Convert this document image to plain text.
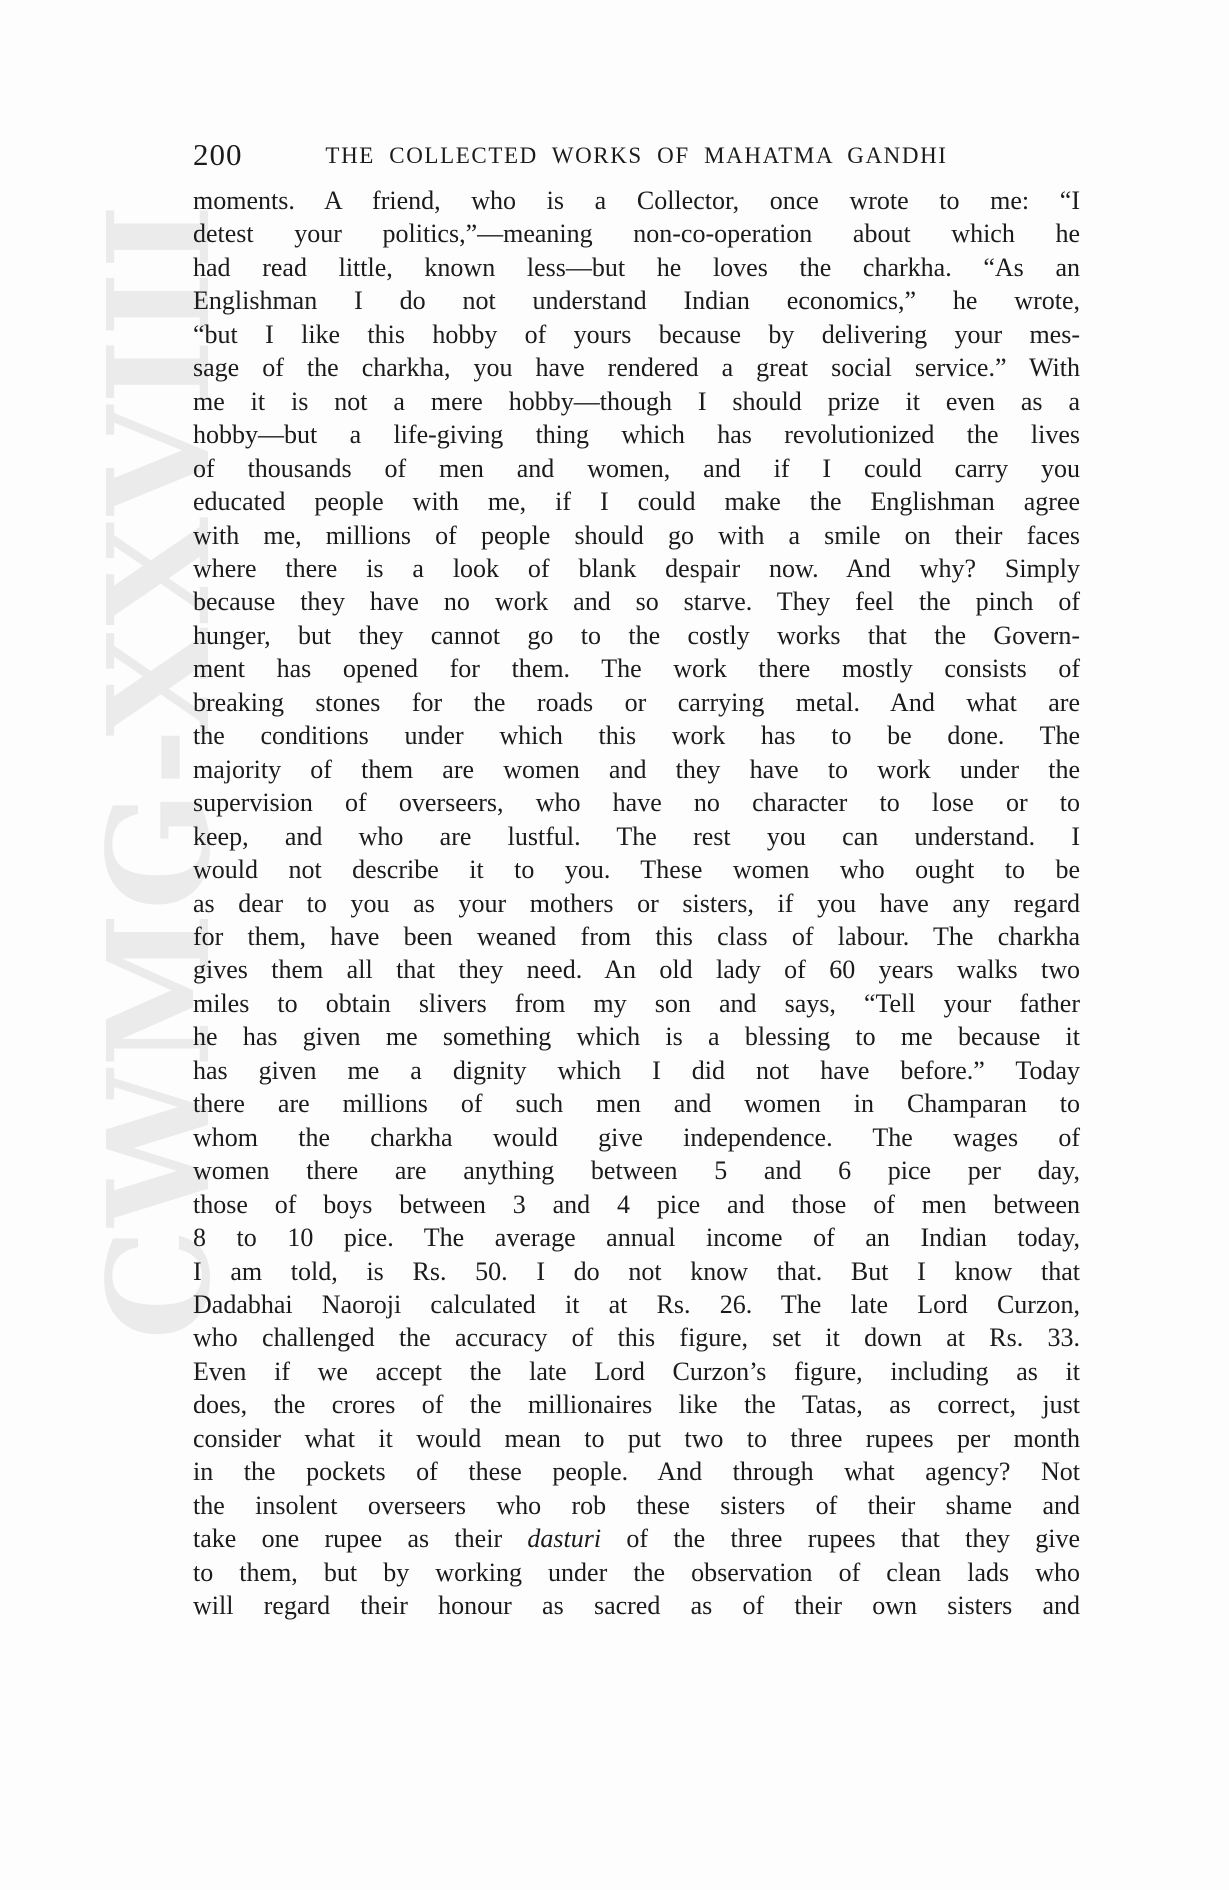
CWMG-XXVIII
200	THE COLLECTED WORKS OF MAHATMA GANDHI
moments. A friend, who is a Collector, once wrote to me: “I
detest your politics,”—meaning non-co-operation about which he
had read little, known less—but he loves the charkha. “As an
Englishman I do not understand Indian economics,” he wrote,
“but I like this hobby of yours because by delivering your mes-
sage of the charkha, you have rendered a great social service.” With
me it is not a mere hobby—though I should prize it even as a
hobby—but a life-giving thing which has revolutionized the lives
of thousands of men and women, and if I could carry you
educated people with me, if I could make the Englishman agree
with me, millions of people should go with a smile on their faces
where there is a look of blank despair now. And why? Simply
because they have no work and so starve. They feel the pinch of
hunger, but they cannot go to the costly works that the Govern-
ment has opened for them. The work there mostly consists of
breaking stones for the roads or carrying metal. And what are
the conditions under which this work has to be done. The
majority of them are women and they have to work under the
supervision of overseers, who have no character to lose or to
keep, and who are lustful. The rest you can understand. I
would not describe it to you. These women who ought to be
as dear to you as your mothers or sisters, if you have any regard
for them, have been weaned from this class of labour. The charkha
gives them all that they need. An old lady of 60 years walks two
miles to obtain slivers from my son and says, “Tell your father
he has given me something which is a blessing to me because it
has given me a dignity which I did not have before.” Today
there are millions of such men and women in Champaran to
whom the charkha would give independence. The wages of
women there are anything between 5 and 6 pice per day,
those of boys between 3 and 4 pice and those of men between
8 to 10 pice. The average annual income of an Indian today,
I am told, is Rs. 50. I do not know that. But I know that
Dadabhai Naoroji calculated it at Rs. 26. The late Lord Curzon,
who challenged the accuracy of this figure, set it down at Rs. 33.
Even if we accept the late Lord Curzon’s figure, including as it
does, the crores of the millionaires like the Tatas, as correct, just
consider what it would mean to put two to three rupees per month
in the pockets of these people. And through what agency? Not
the insolent overseers who rob these sisters of their shame and
take one rupee as their dasturi of the three rupees that they give
to them, but by working under the observation of clean lads who
will regard their honour as sacred as of their own sisters and
